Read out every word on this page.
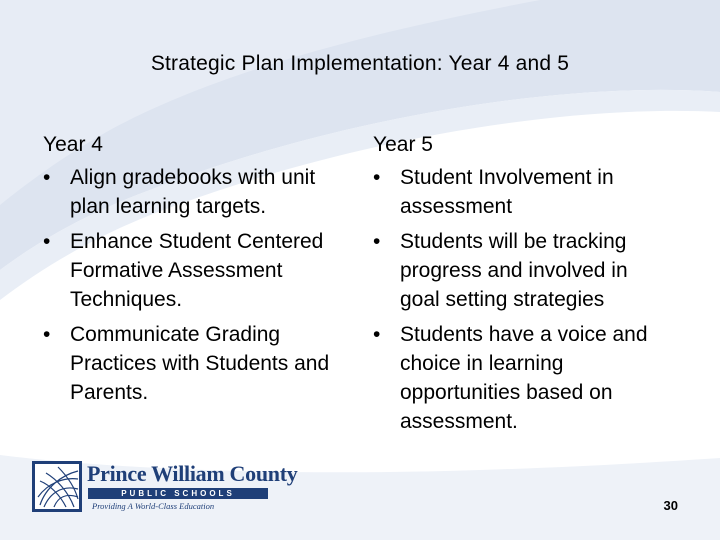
Strategic Plan Implementation: Year 4 and 5
Year 4
• Align gradebooks with unit plan learning targets.
• Enhance Student Centered Formative Assessment Techniques.
• Communicate Grading Practices with Students and Parents.
Year 5
• Student Involvement in assessment
• Students will be tracking progress and involved in goal setting strategies
• Students have a voice and choice in learning opportunities based on assessment.
Prince William County
PUBLIC SCHOOLS
Providing A World-Class Education	30
